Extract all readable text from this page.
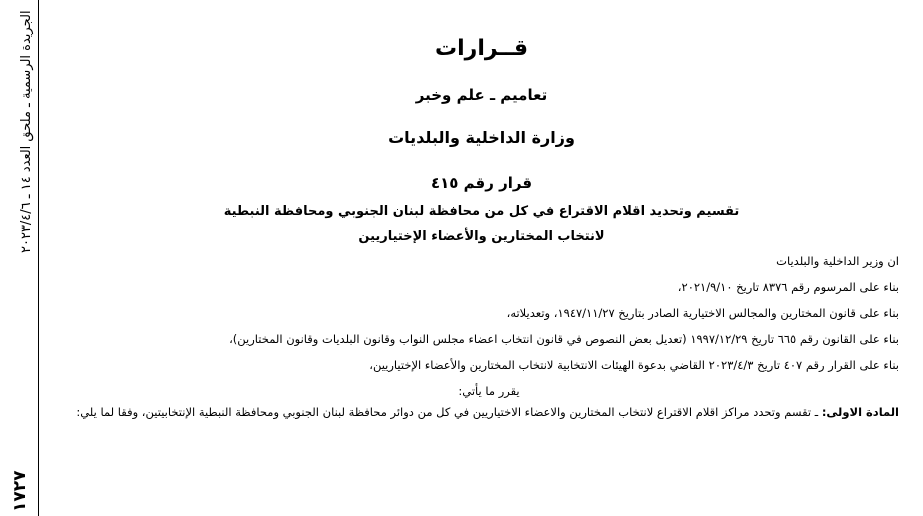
الجريدة الرسمية ـ ملحق العدد ١٤ ـ ٢٠٢٣/٤/٦
١٧٢٧
قــرارات
تعاميم ـ علم وخبر
وزارة الداخلية والبلديات
قرار رقم ٤١٥
تقسيم وتحديد اقلام الاقتراع في كل من محافظة لبنان الجنوبي ومحافظة النبطية
لانتخاب المختارين والأعضاء الإختياريين
ان وزير الداخلية والبلديات
بناء على المرسوم رقم ٨٣٧٦ تاريخ ٢٠٢١/٩/١٠،
بناء على قانون المختارين والمجالس الاختيارية الصادر بتاريخ ١٩٤٧/١١/٢٧، وتعديلاته،
بناء على القانون رقم ٦٦٥ تاريخ ١٩٩٧/١٢/٢٩ (تعديل بعض النصوص في قانون انتخاب اعضاء مجلس النواب وقانون البلديات وقانون المختارين)،
بناء على القرار رقم ٤٠٧ تاريخ ٢٠٢٣/٤/٣ القاضي بدعوة الهيئات الانتخابية لانتخاب المختارين والأعضاء الإختياريين،
يقرر ما يأتي:
المادة الاولى: ـ تقسم وتحدد مراكز اقلام الاقتراع لانتخاب المختارين والاعضاء الاختياريين في كل من دوائر محافظة لبنان الجنوبي ومحافظة النبطية الإنتخابيتين، وفقا لما يلي:
